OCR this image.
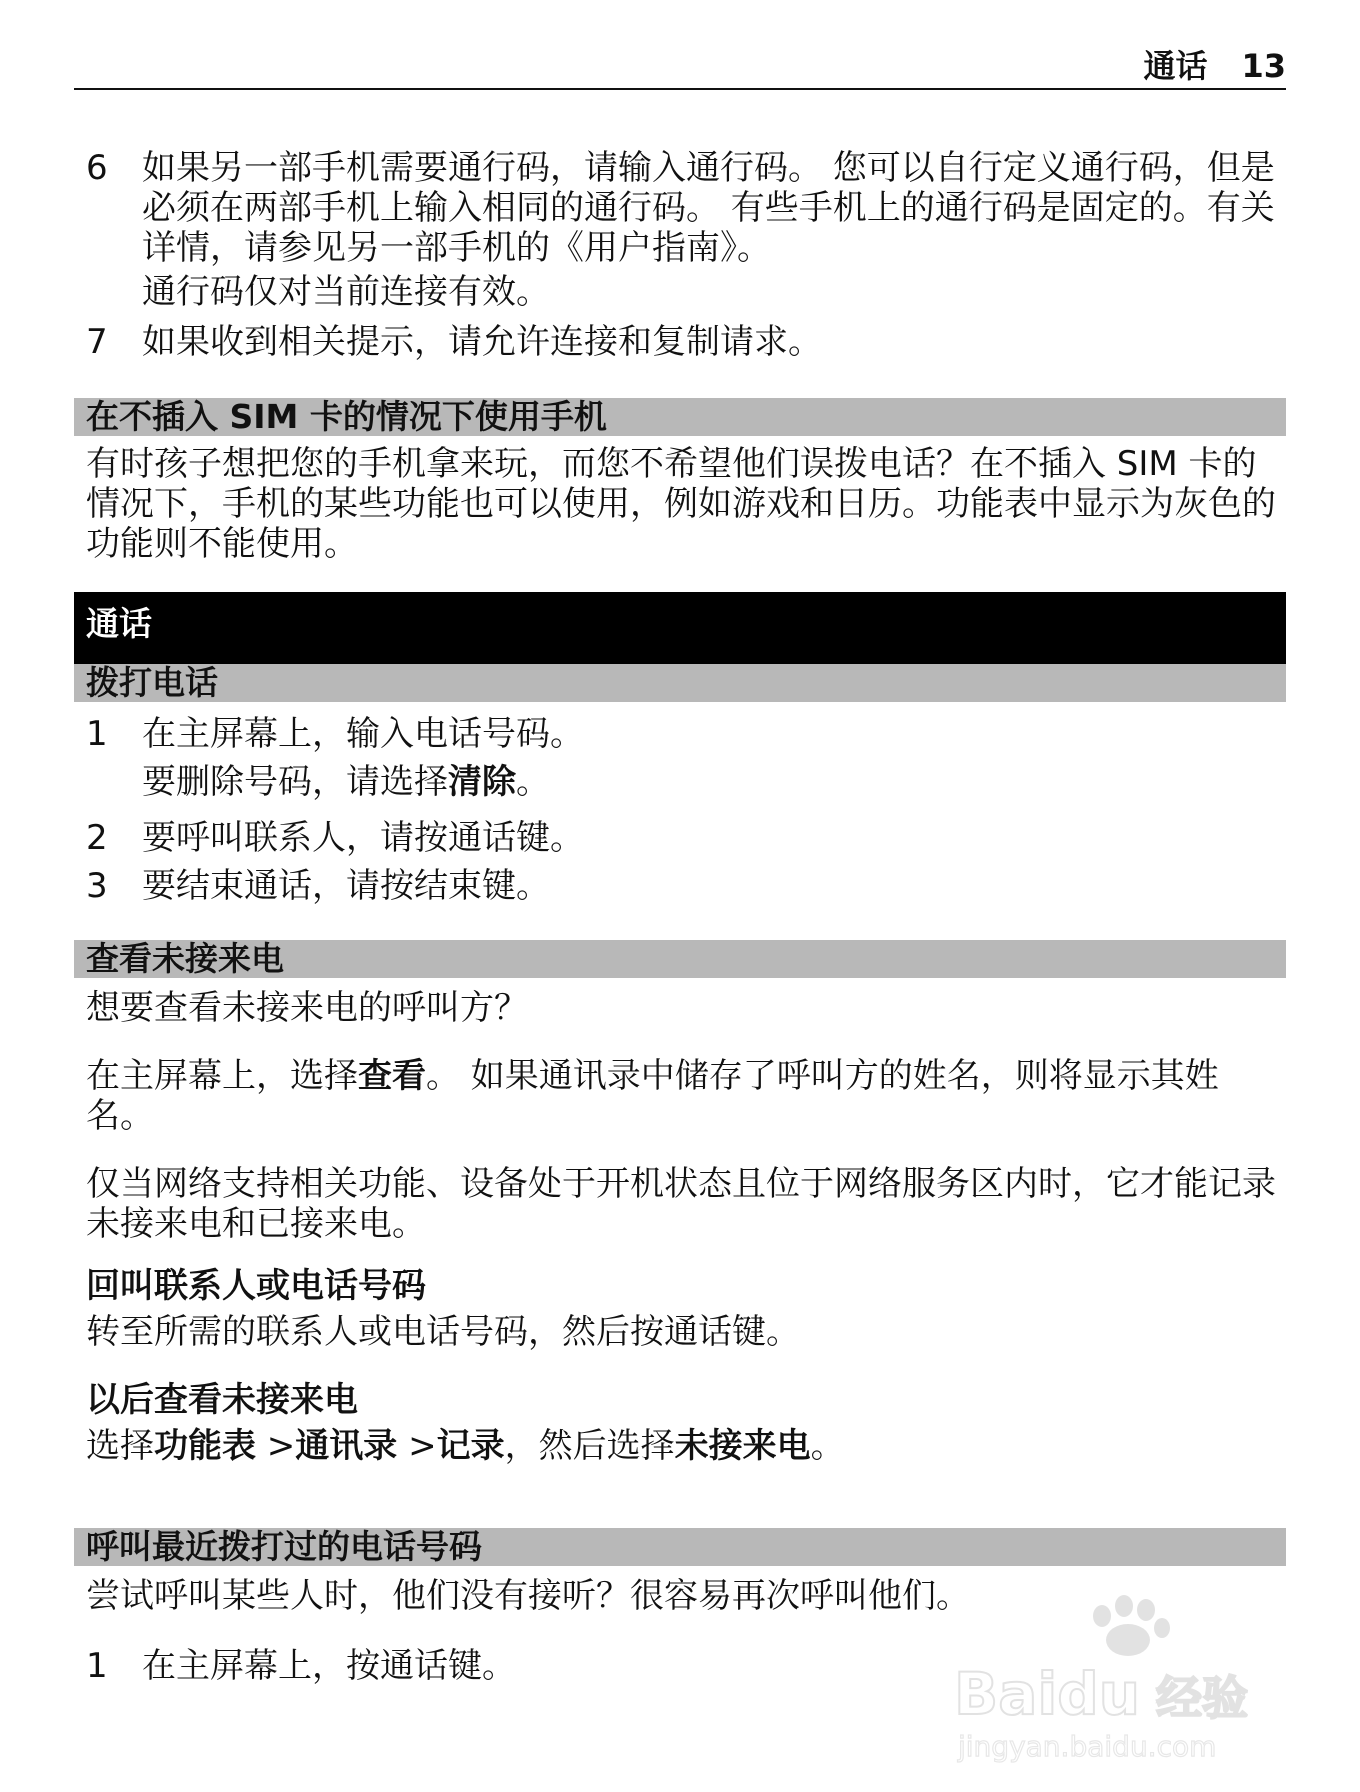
通话 13
6	如果另一部手机需要通行码，请输入通行码。 您可以自行定义通行码，但是必须在两部手机上输入相同的通行码。 有些手机上的通行码是固定的。有关详情，请参见另一部手机的《用户指南》。

通行码仅对当前连接有效。

7	如果收到相关提示，请允许连接和复制请求。
在不插入 SIM 卡的情况下使用手机

有时孩子想把您的手机拿来玩，而您不希望他们误拨电话？在不插入 SIM 卡的情况下，手机的某些功能也可以使用，例如游戏和日历。功能表中显示为灰色的功能则不能使用。

通话
拨打电话
1	在主屏幕上，输入电话号码。

要删除号码，请选择清除。

2	要呼叫联系人，请按通话键。
3	要结束通话，请按结束键。
查看未接来电

想要查看未接来电的呼叫方？

在主屏幕上，选择查看。 如果通讯录中储存了呼叫方的姓名，则将显示其姓名。

仅当网络支持相关功能、设备处于开机状态且位于网络服务区内时，它才能记录未接来电和已接来电。

回叫联系人或电话号码

转至所需的联系人或电话号码，然后按通话键。

以后查看未接来电

选择功能表 >通讯录 >记录，然后选择未接来电。

呼叫最近拨打过的电话号码

尝试呼叫某些人时，他们没有接听？很容易再次呼叫他们。

1	在主屏幕上，按通话键。	Baidu 经验
jingyan.baidu.com
